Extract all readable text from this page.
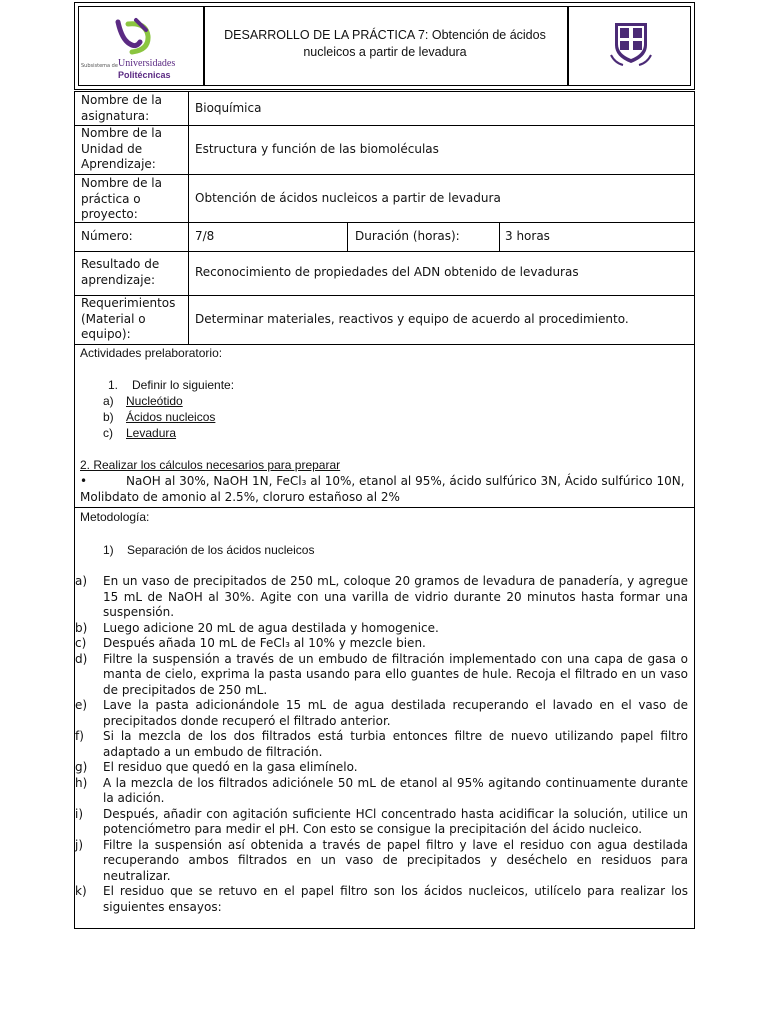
Subsistema de Universidades
Politécnicas
DESARROLLO DE LA PRÁCTICA 7: Obtención de ácidos nucleicos a partir de levadura
UNIVERSIDAD
Nombre de la asignatura:
Bioquímica
Nombre de la Unidad de Aprendizaje:
Estructura y función de las biomoléculas
Nombre de la práctica o proyecto:
Obtención de ácidos nucleicos a partir de levadura
Número:	7/8	Duración (horas):	3 horas
Resultado de aprendizaje:
Reconocimiento de propiedades del ADN obtenido de levaduras
Requerimientos (Material o equipo):
Determinar materiales, reactivos y equipo de acuerdo al procedimiento.
Actividades prelaboratorio:
1. Definir lo siguiente:
a) Nucleótido
b) Ácidos nucleicos
c) Levadura
2. Realizar los cálculos necesarios para preparar
•	NaOH al 30%, NaOH 1N, FeCl₃ al 10%, etanol al 95%, ácido sulfúrico 3N, Ácido sulfúrico 10N, Molibdato de amonio al 2.5%, cloruro estañoso al 2%
Metodología:
1) Separación de los ácidos nucleicos
a) En un vaso de precipitados de 250 mL, coloque 20 gramos de levadura de panadería, y agregue 15 mL de NaOH al 30%. Agite con una varilla de vidrio durante 20 minutos hasta formar una suspensión.
b) Luego adicione 20 mL de agua destilada y homogenice.
c) Después añada 10 mL de FeCl₃ al 10% y mezcle bien.
d) Filtre la suspensión a través de un embudo de filtración implementado con una capa de gasa o manta de cielo, exprima la pasta usando para ello guantes de hule. Recoja el filtrado en un vaso de precipitados de 250 mL.
e) Lave la pasta adicionándole 15 mL de agua destilada recuperando el lavado en el vaso de precipitados donde recuperó el filtrado anterior.
f) Si la mezcla de los dos filtrados está turbia entonces filtre de nuevo utilizando papel filtro adaptado a un embudo de filtración.
g) El residuo que quedó en la gasa elimínelo.
h) A la mezcla de los filtrados adiciónele 50 mL de etanol al 95% agitando continuamente durante la adición.
i) Después, añadir con agitación suficiente HCl concentrado hasta acidificar la solución, utilice un potenciómetro para medir el pH. Con esto se consigue la precipitación del ácido nucleico.
j) Filtre la suspensión así obtenida a través de papel filtro y lave el residuo con agua destilada recuperando ambos filtrados en un vaso de precipitados y deséchelo en residuos para neutralizar.
k) El residuo que se retuvo en el papel filtro son los ácidos nucleicos, utilícelo para realizar los siguientes ensayos:
